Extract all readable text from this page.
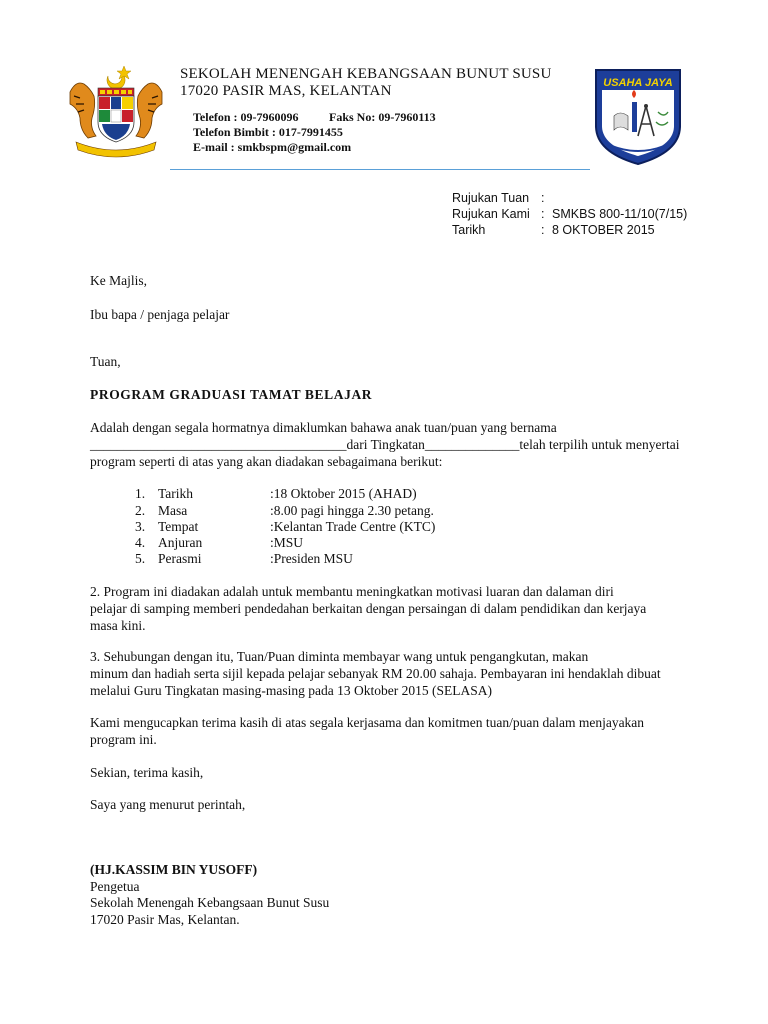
SEKOLAH MENENGAH KEBANGSAAN BUNUT SUSU
17020 PASIR MAS, KELANTAN
Telefon : 09-7960096	Faks No: 09-7960113
Telefon Bimbit : 017-7991455
E-mail : smkbspm@gmail.com
USAHA JAYA
Rujukan Tuan :
Rujukan Kami : SMKBS 800-11/10(7/15)
Tarikh	: 8 OKTOBER 2015
Ke Majlis,
Ibu bapa / penjaga pelajar
Tuan,
PROGRAM GRADUASI TAMAT BELAJAR
Adalah dengan segala hormatnya dimaklumkan bahawa anak tuan/puan yang bernama
______________________________________dari Tingkatan______________telah terpilih untuk menyertai
program seperti di atas yang akan diadakan sebagaimana berikut:
1. Tarikh	:18 Oktober 2015 (AHAD)
2. Masa	:8.00 pagi hingga 2.30 petang.
3. Tempat	:Kelantan Trade Centre (KTC)
4. Anjuran	:MSU
5. Perasmi	:Presiden MSU
2. Program ini diadakan adalah untuk membantu meningkatkan motivasi luaran dan dalaman diri
pelajar di samping memberi pendedahan berkaitan dengan persaingan di dalam pendidikan dan kerjaya
masa kini.
3. Sehubungan dengan itu, Tuan/Puan diminta membayar wang untuk pengangkutan, makan
minum dan hadiah serta sijil kepada pelajar sebanyak RM 20.00 sahaja. Pembayaran ini hendaklah dibuat
melalui Guru Tingkatan masing-masing pada 13 Oktober 2015 (SELASA)
Kami mengucapkan terima kasih di atas segala kerjasama dan komitmen tuan/puan dalam menjayakan
program ini.
Sekian, terima kasih,
Saya yang menurut perintah,
(HJ.KASSIM BIN YUSOFF)
Pengetua
Sekolah Menengah Kebangsaan Bunut Susu
17020 Pasir Mas, Kelantan.
